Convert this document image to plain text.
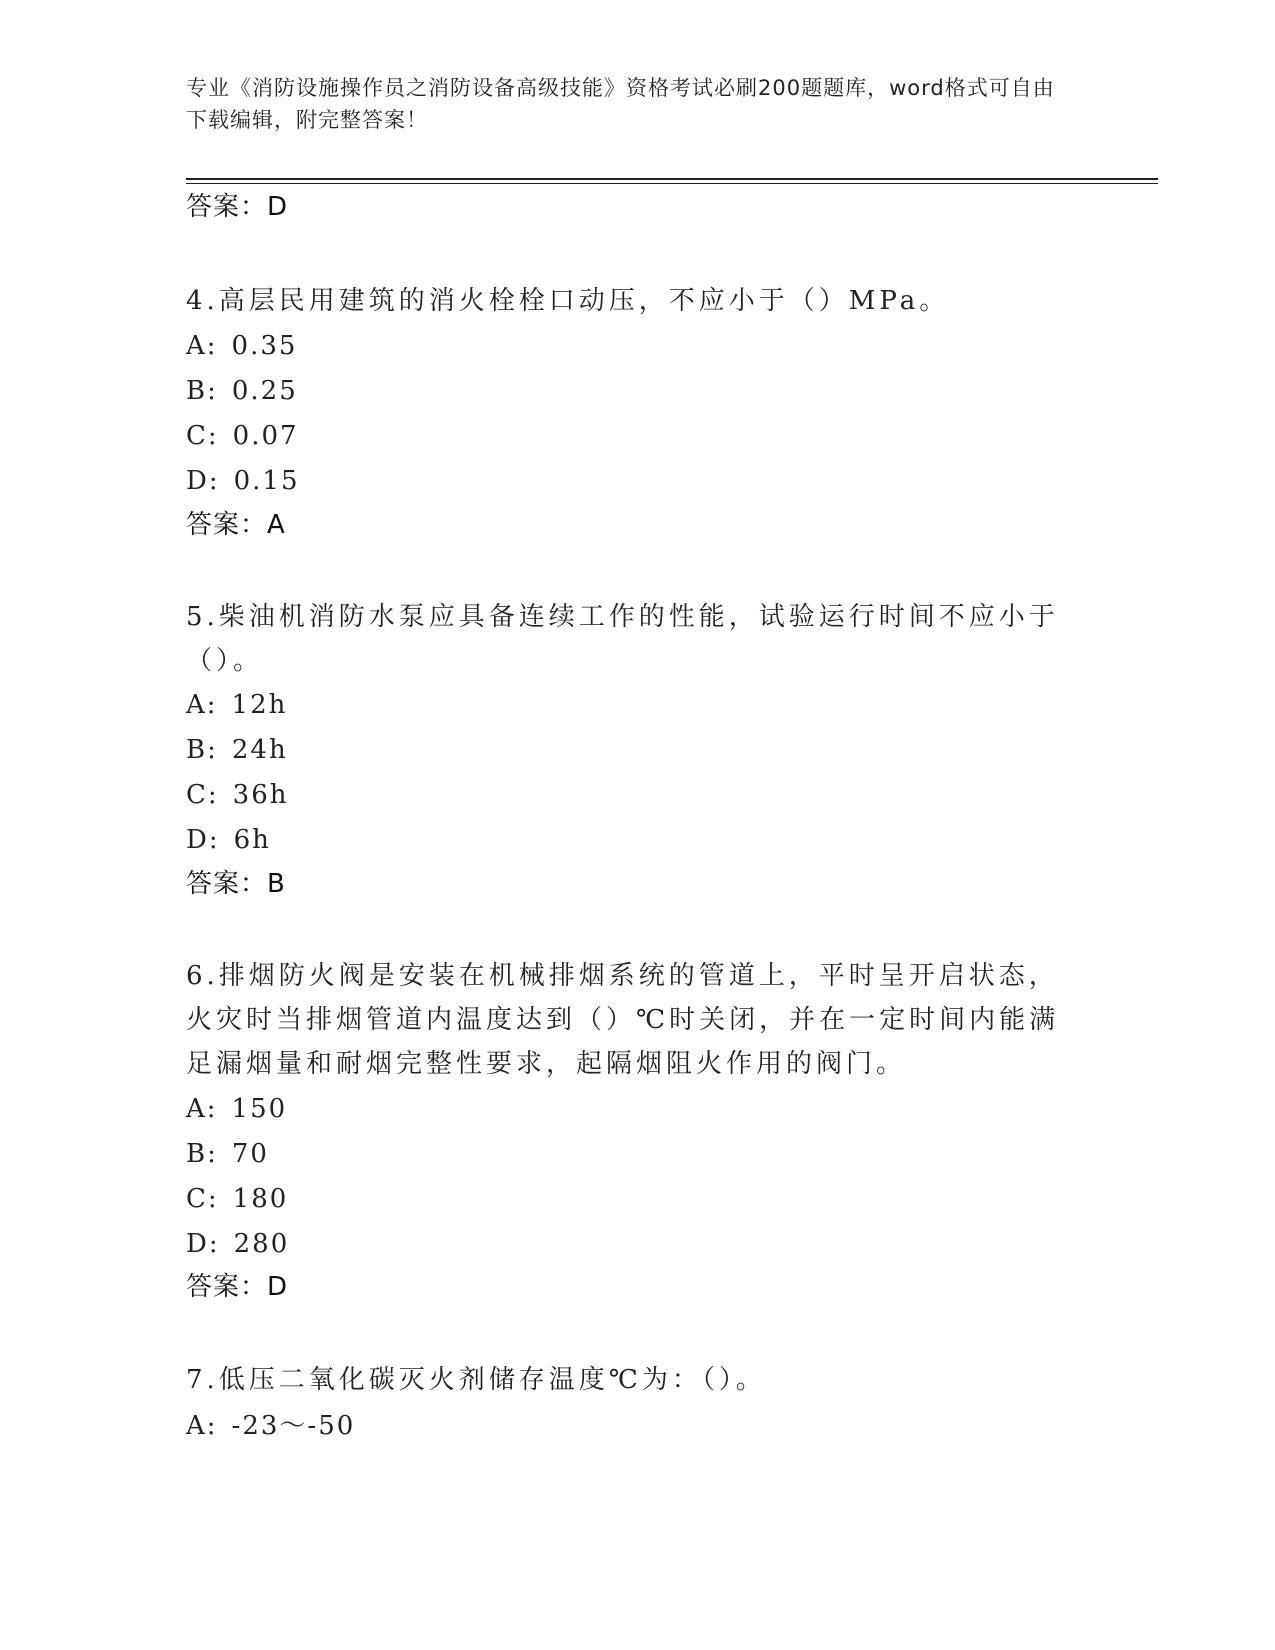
专业《消防设施操作员之消防设备高级技能》资格考试必刷200题题库，word格式可自由下载编辑，附完整答案！
答案：D
4.高层民用建筑的消火栓栓口动压，不应小于（）MPa。
A: 0.35
B: 0.25
C: 0.07
D: 0.15
答案：A
5.柴油机消防水泵应具备连续工作的性能，试验运行时间不应小于（）。
A: 12h
B: 24h
C: 36h
D: 6h
答案：B
6.排烟防火阀是安装在机械排烟系统的管道上，平时呈开启状态，火灾时当排烟管道内温度达到（）℃时关闭，并在一定时间内能满足漏烟量和耐烟完整性要求，起隔烟阻火作用的阀门。
A: 150
B: 70
C: 180
D: 280
答案：D
7.低压二氧化碳灭火剂储存温度℃为：（）。
A: -23～-50
